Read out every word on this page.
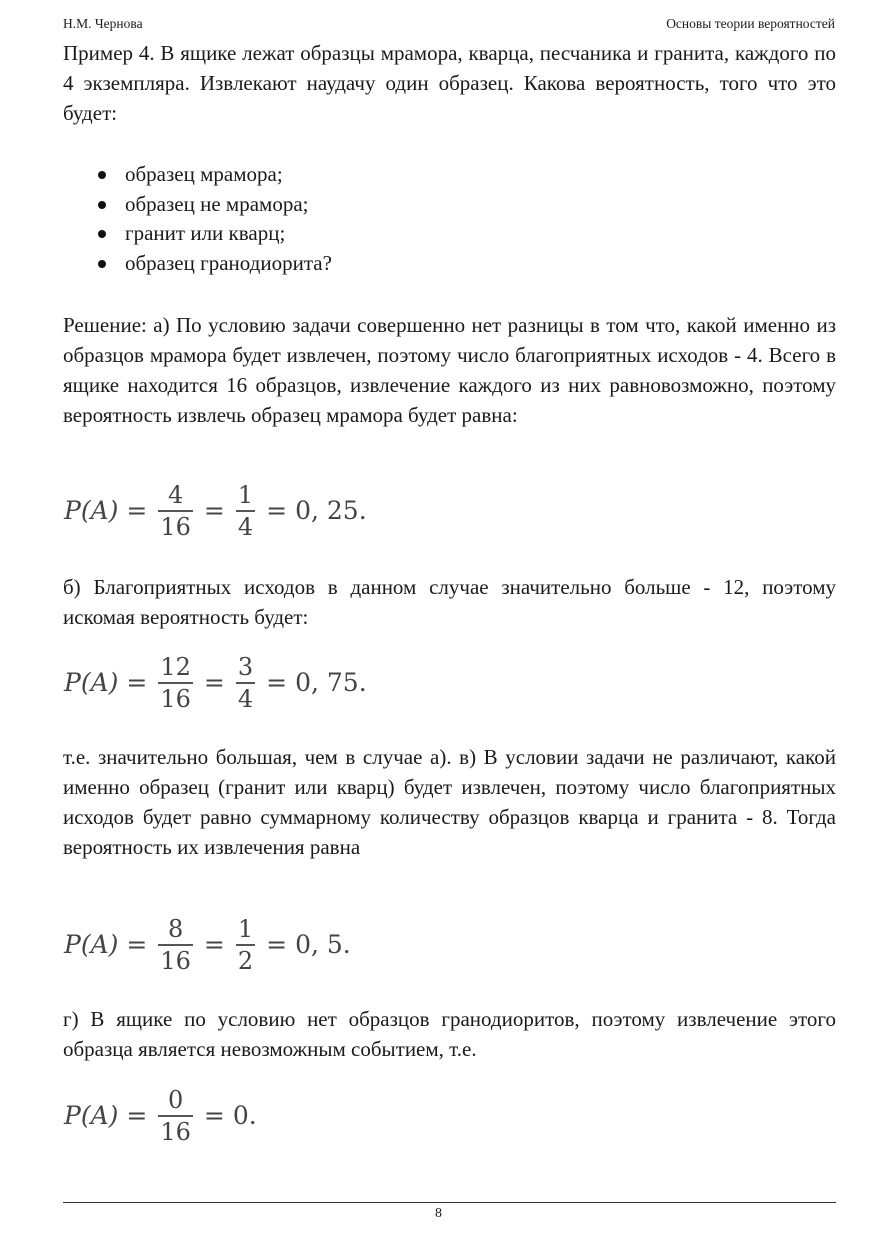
Н.М. Чернова	Основы теории вероятностей
Пример 4. В ящике лежат образцы мрамора, кварца, песчаника и гранита, каждого по 4 экземпляра. Извлекают наудачу один образец. Какова вероятность, того что это будет:
образец мрамора;
образец не мрамора;
гранит или кварц;
образец гранодиорита?
Решение: а) По условию задачи совершенно нет разницы в том что, какой именно из образцов мрамора будет извлечен, поэтому число благоприятных исходов - 4. Всего в ящике находится 16 образцов, извлечение каждого из них равновозможно, поэтому вероятность извлечь образец мрамора будет равна:
$P(A) = \frac{4}{16} = \frac{1}{4} = 0$, 25.
б) Благоприятных исходов в данном случае значительно больше - 12, поэтому искомая вероятность будет:
$P(A) = \frac{12}{16} = \frac{3}{4} = 0$, 75.
т.е. значительно большая, чем в случае а). в) В условии задачи не различают, какой именно образец (гранит или кварц) будет извлечен, поэтому число благоприятных исходов будет равно суммарному количеству образцов кварца и гранита - 8. Тогда вероятность их извлечения равна
$P(A) = \frac{8}{16} = \frac{1}{2} = 0$, 5.
г) В ящике по условию нет образцов гранодиоритов, поэтому извлечение этого образца является невозможным событием, т.е.
$P(A) = \frac{0}{16} = 0$.
8
